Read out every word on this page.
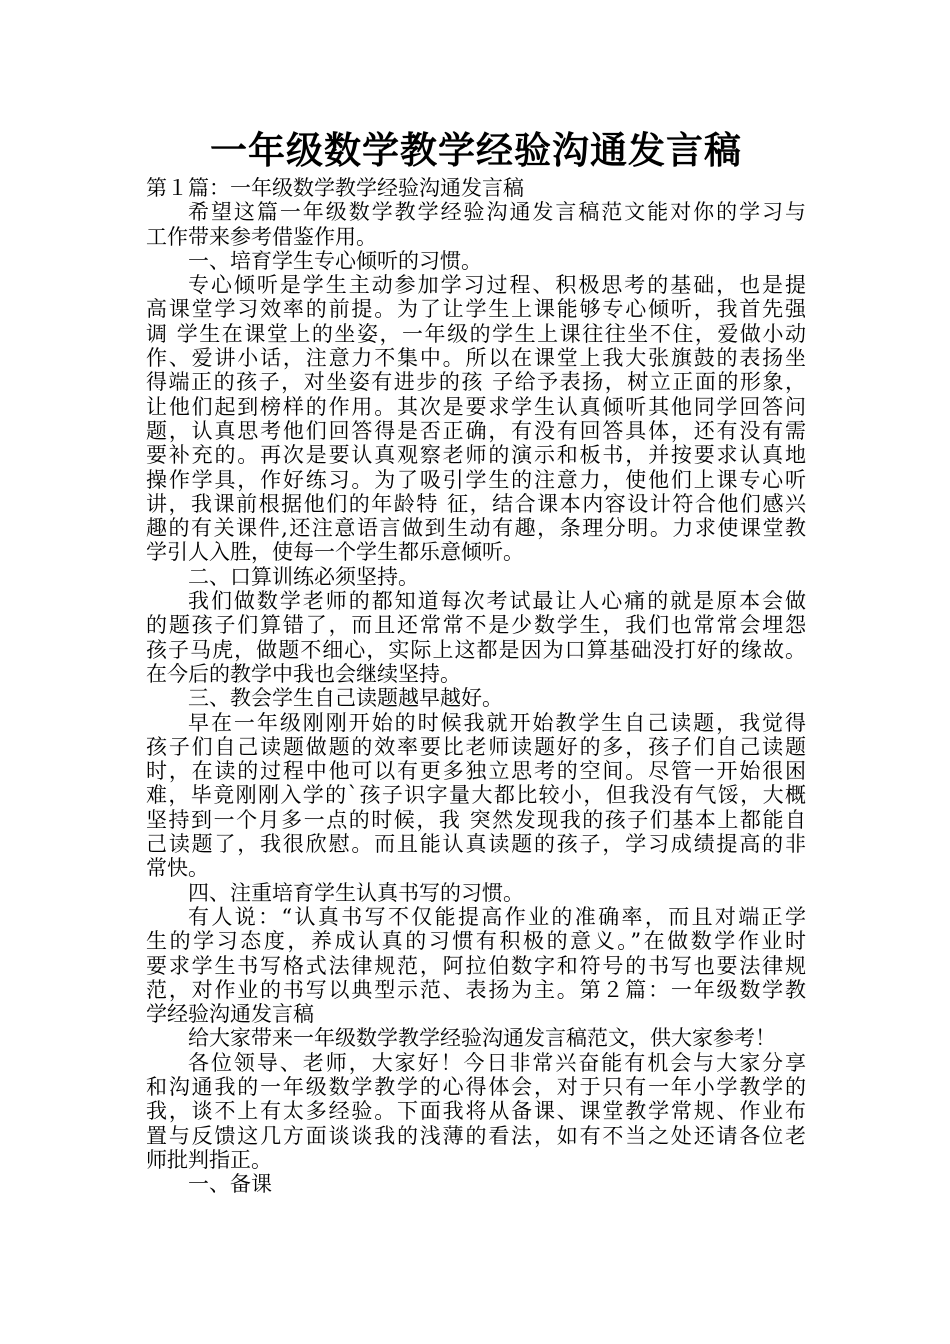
一年级数学教学经验沟通发言稿

第１篇：一年级数学教学经验沟通发言稿

希望这篇一年级数学教学经验沟通发言稿范文能对你的学习与

工作带来参考借鉴作用。

一、培育学生专心倾听的习惯。

专心倾听是学生主动参加学习过程、积极思考的基础，也是提

高课堂学习效率的前提。为了让学生上课能够专心倾听，我首先强

调 学生在课堂上的坐姿，一年级的学生上课往往坐不住，爱做小动

作、爱讲小话，注意力不集中。所以在课堂上我大张旗鼓的表扬坐

得端正的孩子，对坐姿有进步的孩 子给予表扬，树立正面的形象，

让他们起到榜样的作用。其次是要求学生认真倾听其他同学回答问

题，认真思考他们回答得是否正确，有没有回答具体，还有没有需

要补充的。再次是要认真观察老师的演示和板书，并按要求认真地

操作学具，作好练习。为了吸引学生的注意力，使他们上课专心听

讲，我课前根据他们的年龄特 征，结合课本内容设计符合他们感兴

趣的有关课件,还注意语言做到生动有趣，条理分明。力求使课堂教

学引人入胜，使每一个学生都乐意倾听。

二、口算训练必须坚持。

我们做数学老师的都知道每次考试最让人心痛的就是原本会做

的题孩子们算错了，而且还常常不是少数学生，我们也常常会埋怨

孩子马虎，做题不细心，实际上这都是因为口算基础没打好的缘故。

在今后的教学中我也会继续坚持。

三、教会学生自己读题越早越好。

早在一年级刚刚开始的时候我就开始教学生自己读题，我觉得

孩子们自己读题做题的效率要比老师读题好的多，孩子们自己读题

时，在读的过程中他可以有更多独立思考的空间。尽管一开始很困

难，毕竟刚刚入学的`孩子识字量大都比较小，但我没有气馁，大概

坚持到一个月多一点的时候，我 突然发现我的孩子们基本上都能自

己读题了，我很欣慰。而且能认真读题的孩子，学习成绩提高的非

常快。

四、注重培育学生认真书写的习惯。

有人说：“认真书写不仅能提高作业的准确率，而且对端正学

生的学习态度，养成认真的习惯有积极的意义。”在做数学作业时

要求学生书写格式法律规范，阿拉伯数字和符号的书写也要法律规

范，对作业的书写以典型示范、表扬为主。第２篇：一年级数学教

学经验沟通发言稿

给大家带来一年级数学教学经验沟通发言稿范文，供大家参考！

各位领导、老师，大家好！今日非常兴奋能有机会与大家分享

和沟通我的一年级数学教学的心得体会，对于只有一年小学教学的

我，谈不上有太多经验。下面我将从备课、课堂教学常规、作业布

置与反馈这几方面谈谈我的浅薄的看法，如有不当之处还请各位老

师批判指正。

一、备课
